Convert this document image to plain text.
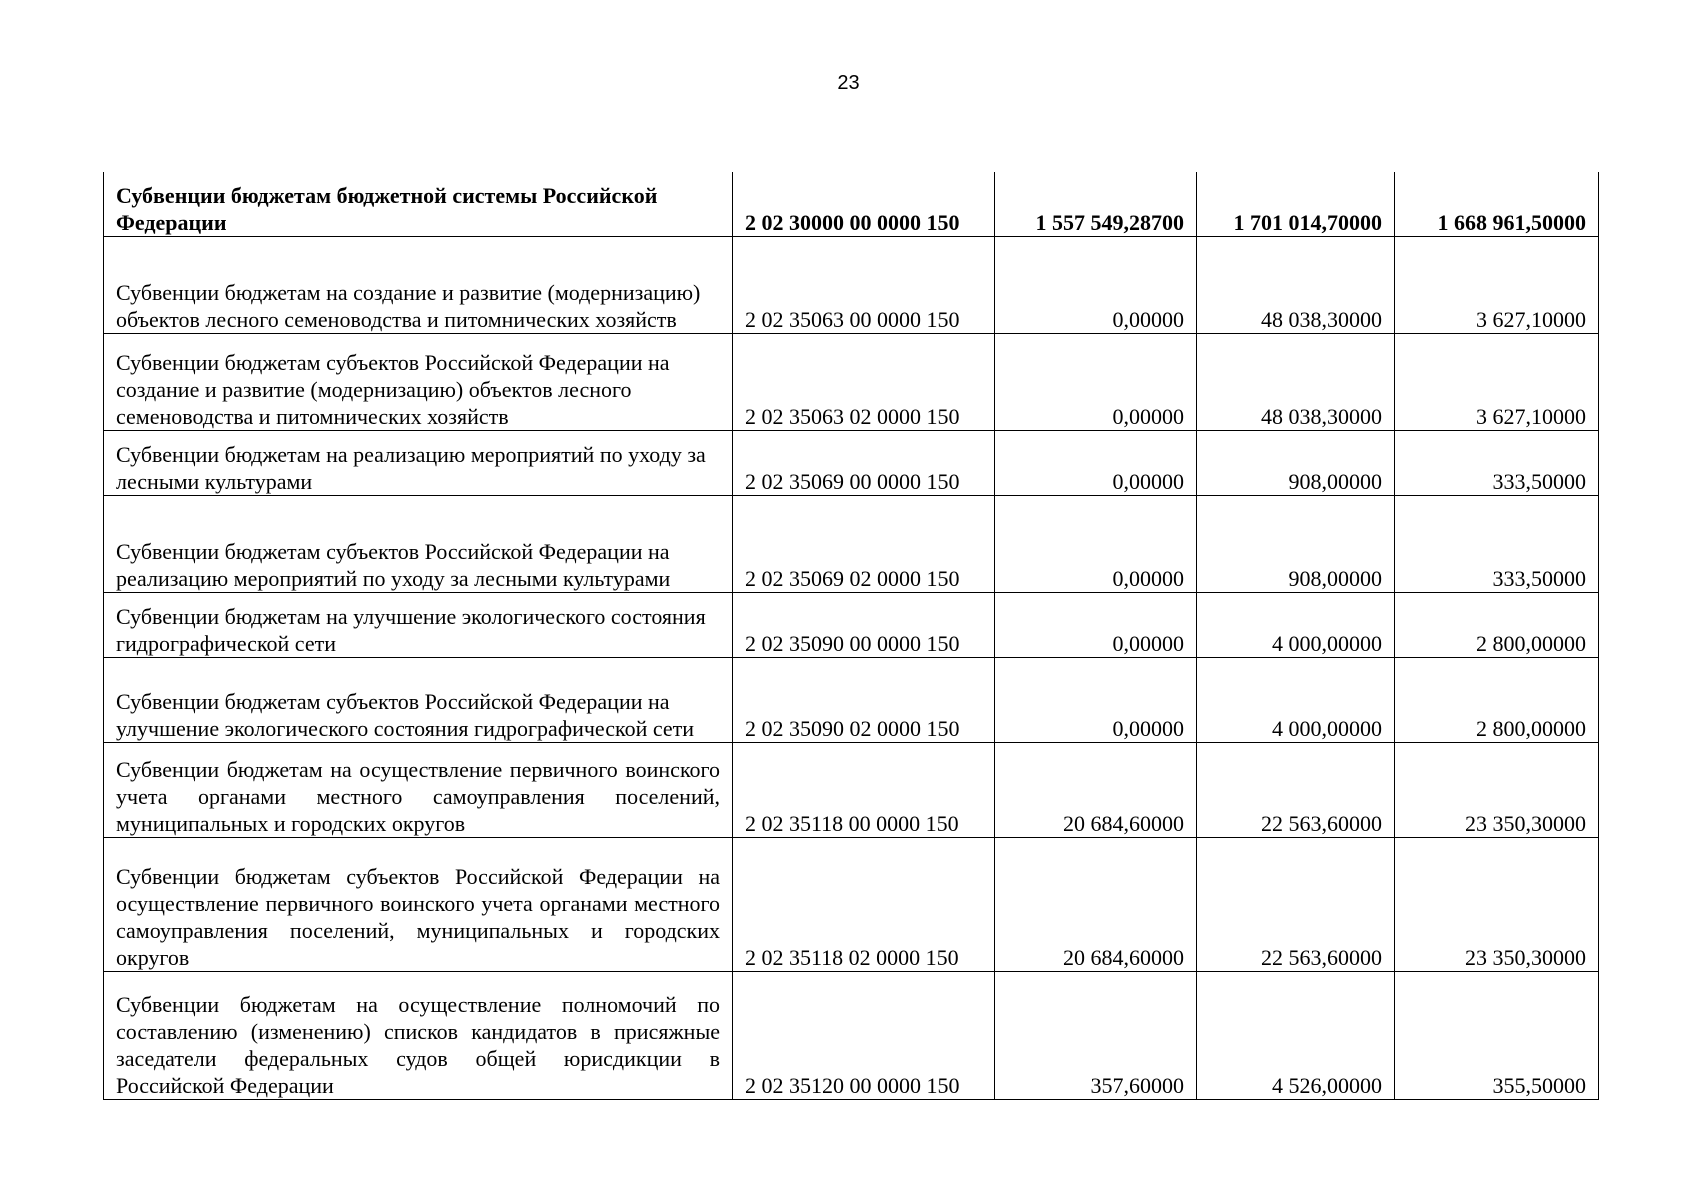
23
Субвенции бюджетам бюджетной системы Российской Федерации	2 02 30000 00 0000 150	1 557 549,28700	1 701 014,70000	1 668 961,50000
Субвенции бюджетам на создание и развитие (модернизацию) объектов лесного семеноводства и питомнических хозяйств	2 02 35063 00 0000 150	0,00000	48 038,30000	3 627,10000
Субвенции бюджетам субъектов Российской Федерации на создание и развитие (модернизацию) объектов лесного семеноводства и питомнических хозяйств	2 02 35063 02 0000 150	0,00000	48 038,30000	3 627,10000
Субвенции бюджетам на реализацию мероприятий по уходу за лесными культурами	2 02 35069 00 0000 150	0,00000	908,00000	333,50000
Субвенции бюджетам субъектов Российской Федерации на реализацию мероприятий по уходу за лесными культурами	2 02 35069 02 0000 150	0,00000	908,00000	333,50000
Субвенции бюджетам на улучшение экологического состояния гидрографической сети	2 02 35090 00 0000 150	0,00000	4 000,00000	2 800,00000
Субвенции бюджетам субъектов Российской Федерации на улучшение экологического состояния гидрографической сети	2 02 35090 02 0000 150	0,00000	4 000,00000	2 800,00000
Субвенции бюджетам на осуществление первичного воинского учета органами местного самоуправления поселений, муниципальных и городских округов	2 02 35118 00 0000 150	20 684,60000	22 563,60000	23 350,30000
Субвенции бюджетам субъектов Российской Федерации на осуществление первичного воинского учета органами местного самоуправления поселений, муниципальных и городских округов	2 02 35118 02 0000 150	20 684,60000	22 563,60000	23 350,30000
Субвенции бюджетам на осуществление полномочий по составлению (изменению) списков кандидатов в присяжные заседатели федеральных судов общей юрисдикции в Российской Федерации	2 02 35120 00 0000 150	357,60000	4 526,00000	355,50000
